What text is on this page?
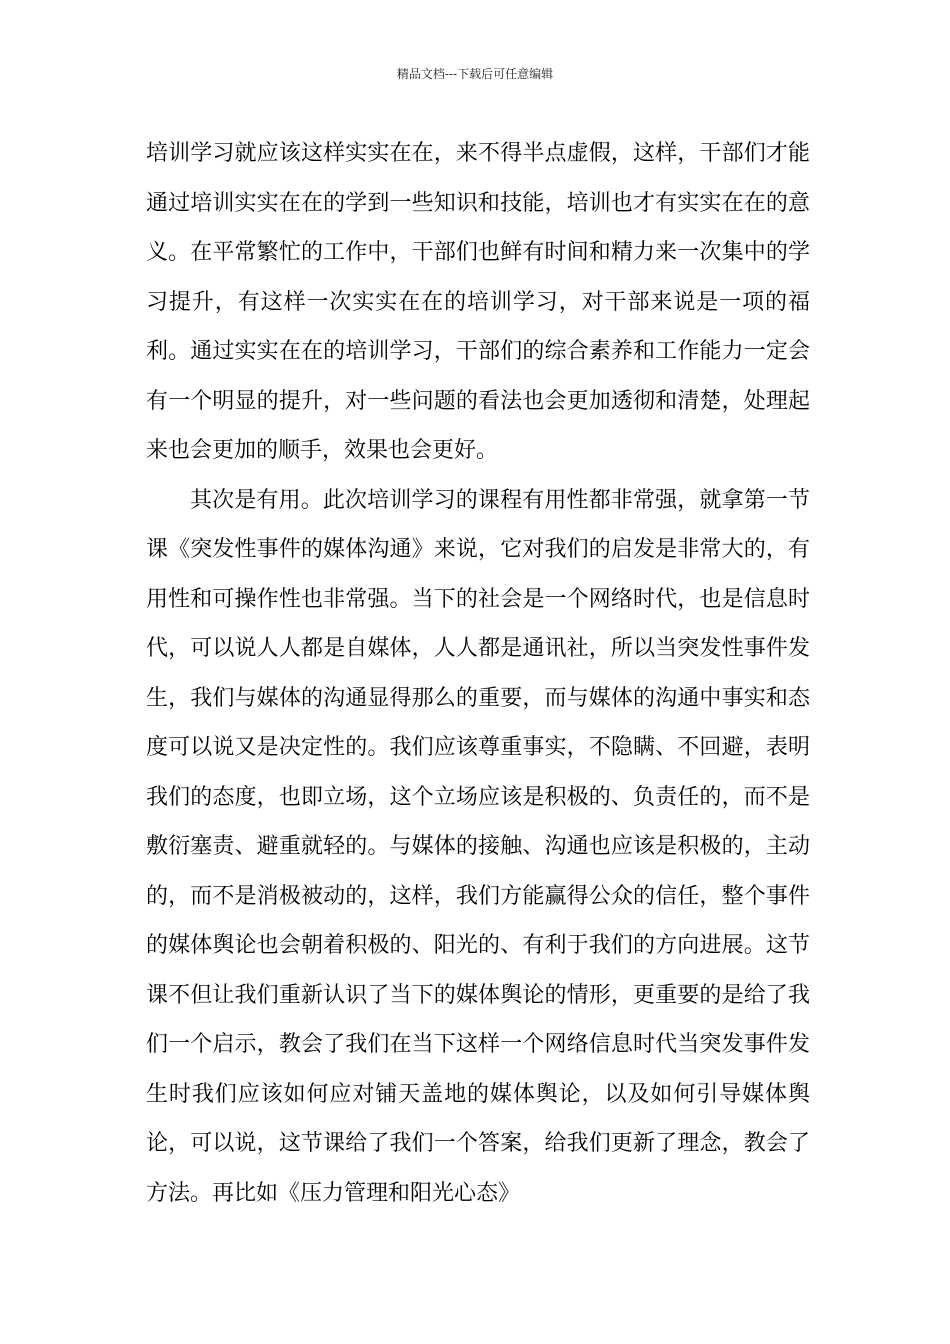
精品文档---下载后可任意编辑

培训学习就应该这样实实在在，来不得半点虚假，这样，干部们才能通过培训实实在在的学到一些知识和技能，培训也才有实实在在的意义。在平常繁忙的工作中，干部们也鲜有时间和精力来一次集中的学习提升，有这样一次实实在在的培训学习，对干部来说是一项的福利。通过实实在在的培训学习，干部们的综合素养和工作能力一定会有一个明显的提升，对一些问题的看法也会更加透彻和清楚，处理起来也会更加的顺手，效果也会更好。

其次是有用。此次培训学习的课程有用性都非常强，就拿第一节课《突发性事件的媒体沟通》来说，它对我们的启发是非常大的，有用性和可操作性也非常强。当下的社会是一个网络时代，也是信息时代，可以说人人都是自媒体，人人都是通讯社，所以当突发性事件发生，我们与媒体的沟通显得那么的重要，而与媒体的沟通中事实和态度可以说又是决定性的。我们应该尊重事实，不隐瞒、不回避，表明我们的态度，也即立场，这个立场应该是积极的、负责任的，而不是敷衍塞责、避重就轻的。与媒体的接触、沟通也应该是积极的，主动的，而不是消极被动的，这样，我们方能赢得公众的信任，整个事件的媒体舆论也会朝着积极的、阳光的、有利于我们的方向进展。这节课不但让我们重新认识了当下的媒体舆论的情形，更重要的是给了我们一个启示，教会了我们在当下这样一个网络信息时代当突发事件发生时我们应该如何应对铺天盖地的媒体舆论，以及如何引导媒体舆论，可以说，这节课给了我们一个答案，给我们更新了理念，教会了方法。再比如《压力管理和阳光心态》
